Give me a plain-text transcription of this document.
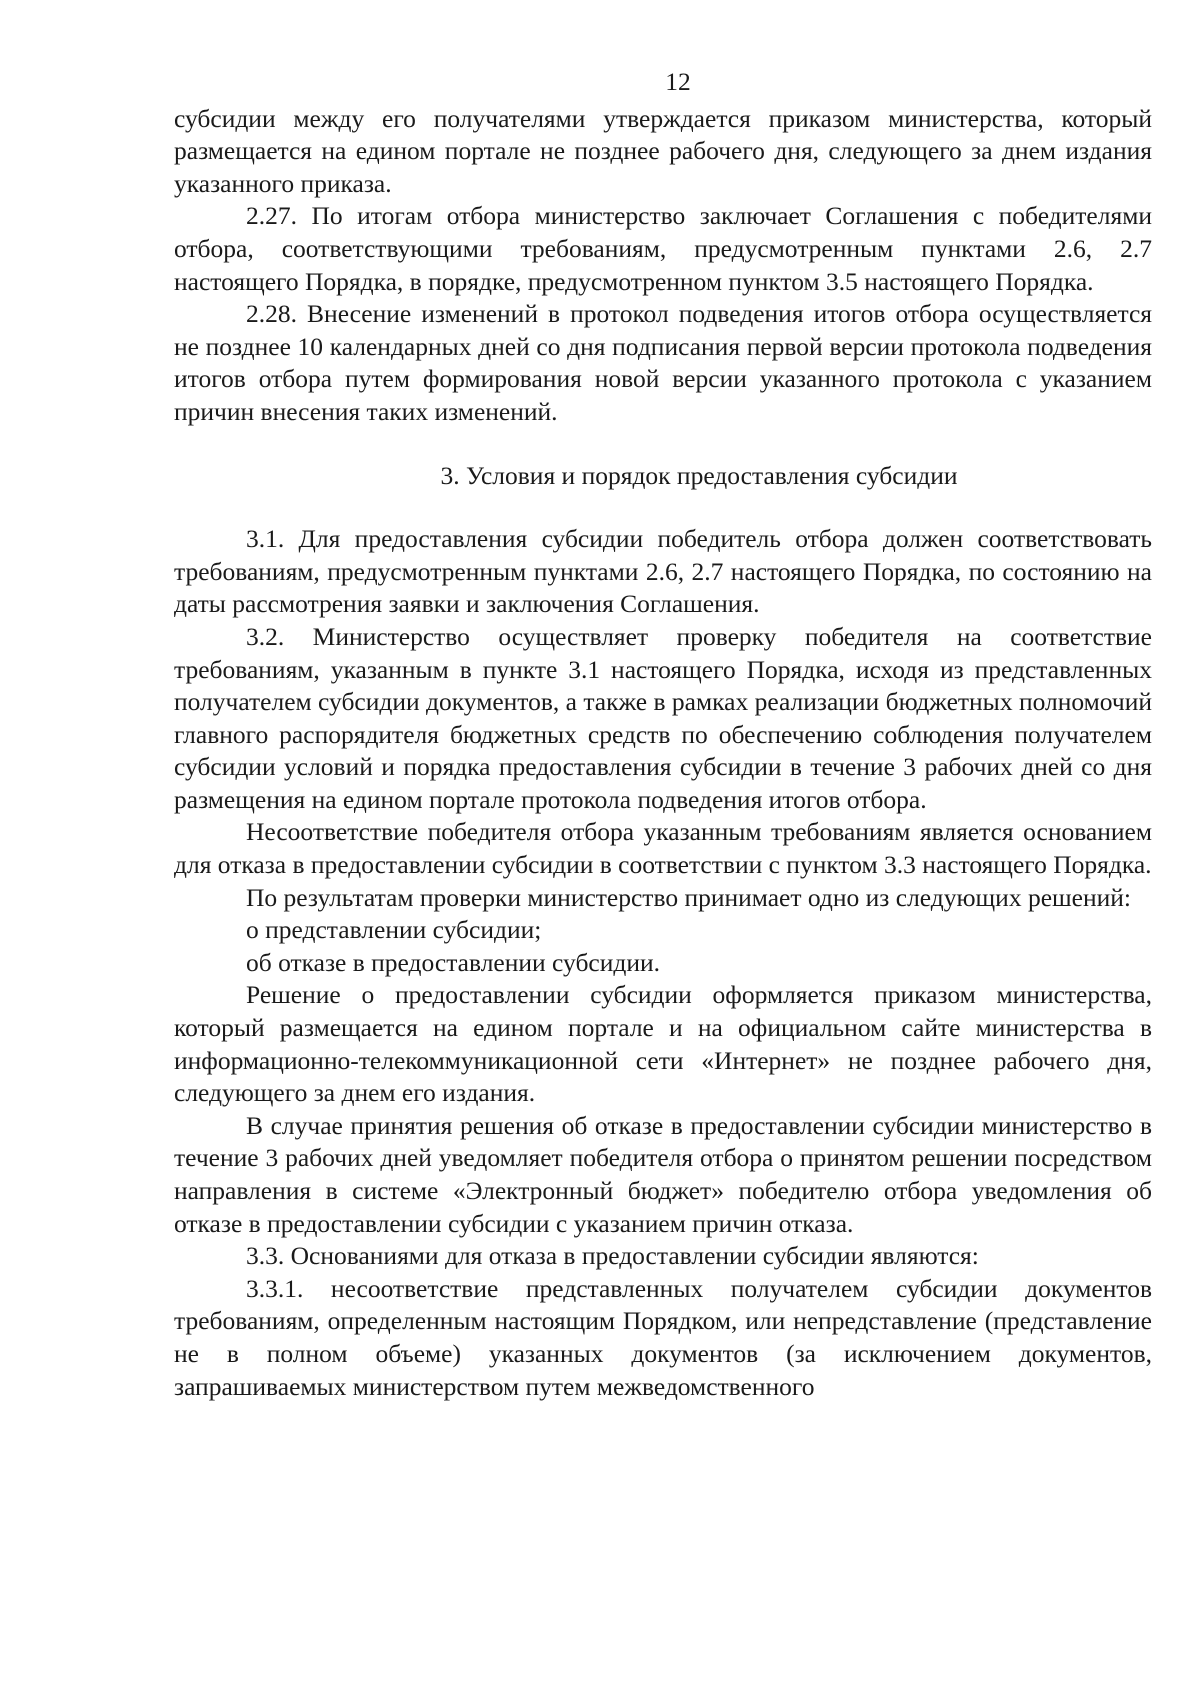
12

субсидии между его получателями утверждается приказом министерства, который размещается на едином портале не позднее рабочего дня, следующего за днем издания указанного приказа.

2.27. По итогам отбора министерство заключает Соглашения с победителями отбора, соответствующими требованиям, предусмотренным пунктами 2.6, 2.7 настоящего Порядка, в порядке, предусмотренном пунктом 3.5 настоящего Порядка.

2.28. Внесение изменений в протокол подведения итогов отбора осуществляется не позднее 10 календарных дней со дня подписания первой версии протокола подведения итогов отбора путем формирования новой версии указанного протокола с указанием причин внесения таких изменений.

3. Условия и порядок предоставления субсидии

3.1. Для предоставления субсидии победитель отбора должен соответствовать требованиям, предусмотренным пунктами 2.6, 2.7 настоящего Порядка, по состоянию на даты рассмотрения заявки и заключения Соглашения.

3.2. Министерство осуществляет проверку победителя на соответствие требованиям, указанным в пункте 3.1 настоящего Порядка, исходя из представленных получателем субсидии документов, а также в рамках реализации бюджетных полномочий главного распорядителя бюджетных средств по обеспечению соблюдения получателем субсидии условий и порядка предоставления субсидии в течение 3 рабочих дней со дня размещения на едином портале протокола подведения итогов отбора.

Несоответствие победителя отбора указанным требованиям является основанием для отказа в предоставлении субсидии в соответствии с пунктом 3.3 настоящего Порядка.

По результатам проверки министерство принимает одно из следующих решений:

о представлении субсидии;

об отказе в предоставлении субсидии.

Решение о предоставлении субсидии оформляется приказом министерства, который размещается на едином портале и на официальном сайте министерства в информационно-телекоммуникационной сети «Интернет» не позднее рабочего дня, следующего за днем его издания.

В случае принятия решения об отказе в предоставлении субсидии министерство в течение 3 рабочих дней уведомляет победителя отбора о принятом решении посредством направления в системе «Электронный бюджет» победителю отбора уведомления об отказе в предоставлении субсидии с указанием причин отказа.

3.3. Основаниями для отказа в предоставлении субсидии являются:

3.3.1. несоответствие представленных получателем субсидии документов требованиям, определенным настоящим Порядком, или непредставление (представление не в полном объеме) указанных документов (за исключением документов, запрашиваемых министерством путем межведомственного
